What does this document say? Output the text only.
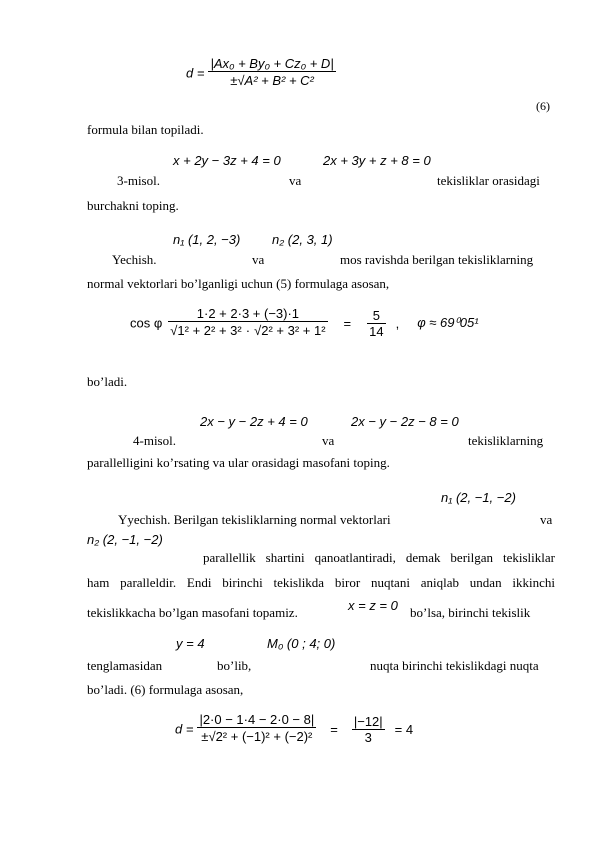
$d = \frac{\text{|Ax₀ + By₀ + Cz₀ + D|}}{\text{±√A² + B² + C²}}$
(6)
formula bilan topiladi.
x + 2y − 3z + 4 = 0	2x + 3y + z + 8 = 0
3-misol.	va	tekisliklar orasidagi
burchakni toping.
n₁ (1, 2, −3) n₂ (2, 3, 1)
Yechish.	va	mos ravishda berilgan tekisliklarning
normal vektorlari bo’lganligi uchun (5) formulaga asosan,
cos φ $\frac{1\cdot 2 + 2\cdot 3 + (-3)\cdot 1}{\text{√1² + 2² + 3² · √2² + 3² + 1²}} = \frac{5}{14}$ , φ ≈ 69⁰05¹
bo’ladi.
2x − y − 2z + 4 = 0	2x − y − 2z − 8 = 0
4-misol.	va	tekisliklarning
parallelligini ko’rsating va ular orasidagi masofani toping.
n₁ (2, −1, −2)
Yyechish. Berilgan tekisliklarning normal vektorlari	va
n₂ (2, −1, −2)
parallellik shartini qanoatlantiradi, demak berilgan tekisliklar
ham parallеldir. Endi birinchi tekislikda biror nuqtani aniqlab undan ikkinchi
x = z = 0
tekislikkacha bo’lgan masofani topamiz.	bo’lsa, birinchi tekislik
y = 4	M₀ (0 ; 4; 0)
tenglamasidan	bo’lib,	nuqta birinchi tekislikdagi nuqta
bo’ladi. (6) formulaga asosan,
$d = \frac{|2\cdot 0 - 1\cdot 4 - 2\cdot 0 - 8|}{\text{±√2² + (−1)² + (−2)²}} = \frac{|-12|}{3} = 4$
